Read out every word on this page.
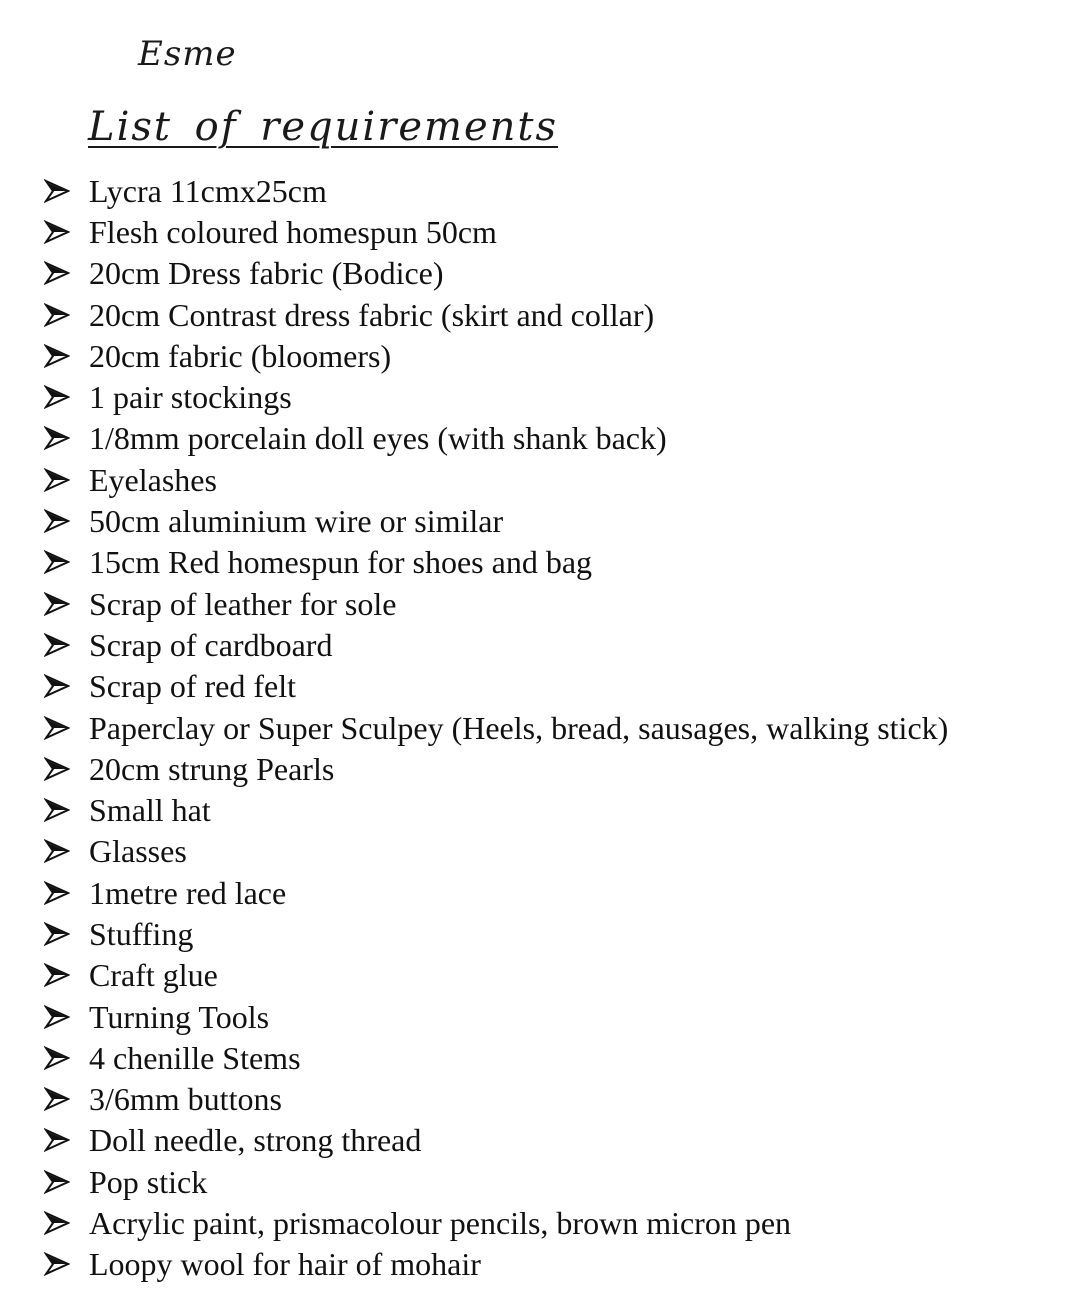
Esme
List of requirements
Lycra 11cmx25cm
Flesh coloured homespun 50cm
20cm Dress fabric (Bodice)
20cm Contrast dress fabric (skirt and collar)
20cm fabric (bloomers)
1 pair stockings
1/8mm porcelain doll eyes (with shank back)
Eyelashes
50cm aluminium wire or similar
15cm Red homespun for shoes and bag
Scrap of leather for sole
Scrap of cardboard
Scrap of red felt
Paperclay or Super Sculpey (Heels, bread, sausages, walking stick)
20cm strung Pearls
Small hat
Glasses
1metre red lace
Stuffing
Craft glue
Turning Tools
4 chenille Stems
3/6mm buttons
Doll needle, strong thread
Pop stick
Acrylic paint, prismacolour pencils, brown micron pen
Loopy wool for hair of mohair
